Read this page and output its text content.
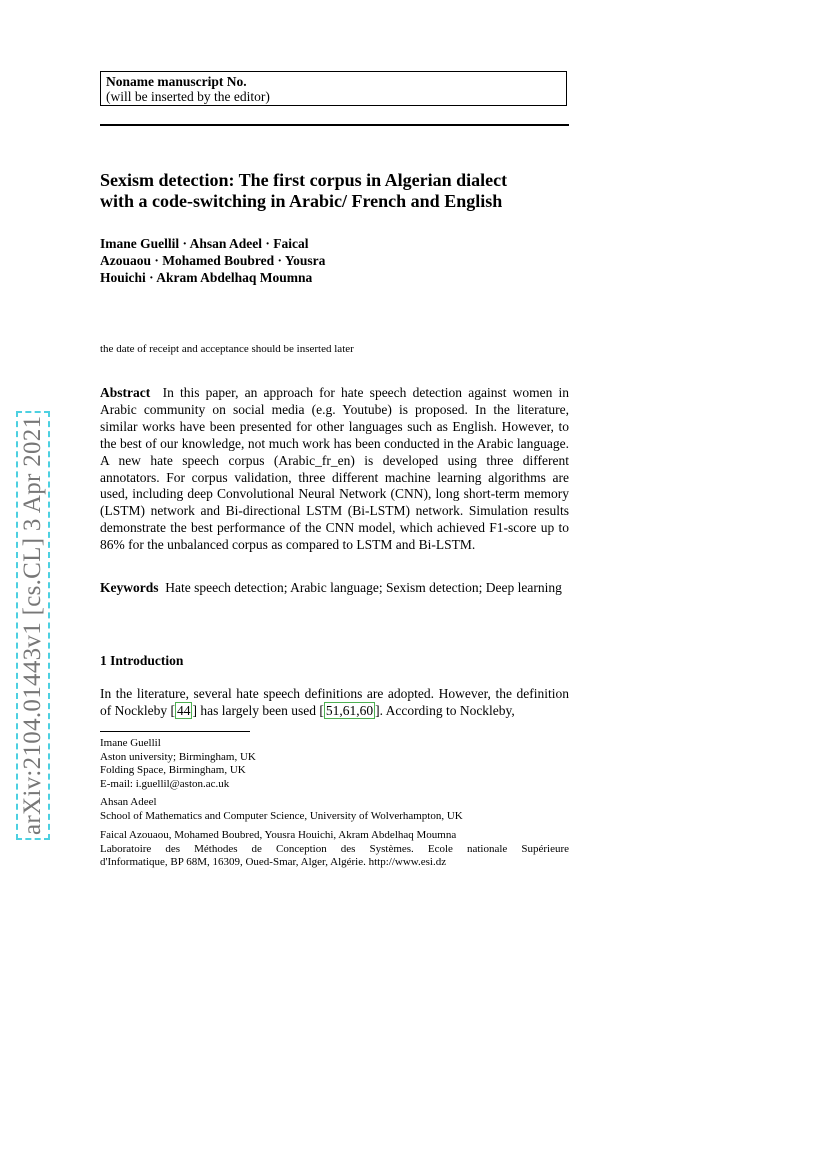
Noname manuscript No.
(will be inserted by the editor)
Sexism detection: The first corpus in Algerian dialect
with a code-switching in Arabic/ French and English
Imane Guellil · Ahsan Adeel · Faical
Azouaou · Mohamed Boubred · Yousra
Houichi · Akram Abdelhaq Moumna
the date of receipt and acceptance should be inserted later
Abstract In this paper, an approach for hate speech detection against women in Arabic community on social media (e.g. Youtube) is proposed. In the literature, similar works have been presented for other languages such as English. However, to the best of our knowledge, not much work has been conducted in the Arabic language. A new hate speech corpus (Arabic_fr_en) is developed using three different annotators. For corpus validation, three different machine learning algorithms are used, including deep Convolutional Neural Network (CNN), long short-term memory (LSTM) network and Bi-directional LSTM (Bi-LSTM) network. Simulation results demonstrate the best performance of the CNN model, which achieved F1-score up to 86% for the unbalanced corpus as compared to LSTM and Bi-LSTM.
Keywords Hate speech detection; Arabic language; Sexism detection; Deep learning
1 Introduction
In the literature, several hate speech definitions are adopted. However, the definition of Nockleby [ 44 ] has largely been used [ 51,61,60 ]. According to Nockleby,
Imane Guellil
Aston university; Birmingham, UK
Folding Space, Birmingham, UK
E-mail: i.guellil@aston.ac.uk
Ahsan Adeel
School of Mathematics and Computer Science, University of Wolverhampton, UK
Faical Azouaou, Mohamed Boubred, Yousra Houichi, Akram Abdelhaq Moumna
Laboratoire des Méthodes de Conception des Systèmes. Ecole nationale Supérieure
d'Informatique, BP 68M, 16309, Oued-Smar, Alger, Algérie. http://www.esi.dz
arXiv:2104.01443v1 [cs.CL] 3 Apr 2021
